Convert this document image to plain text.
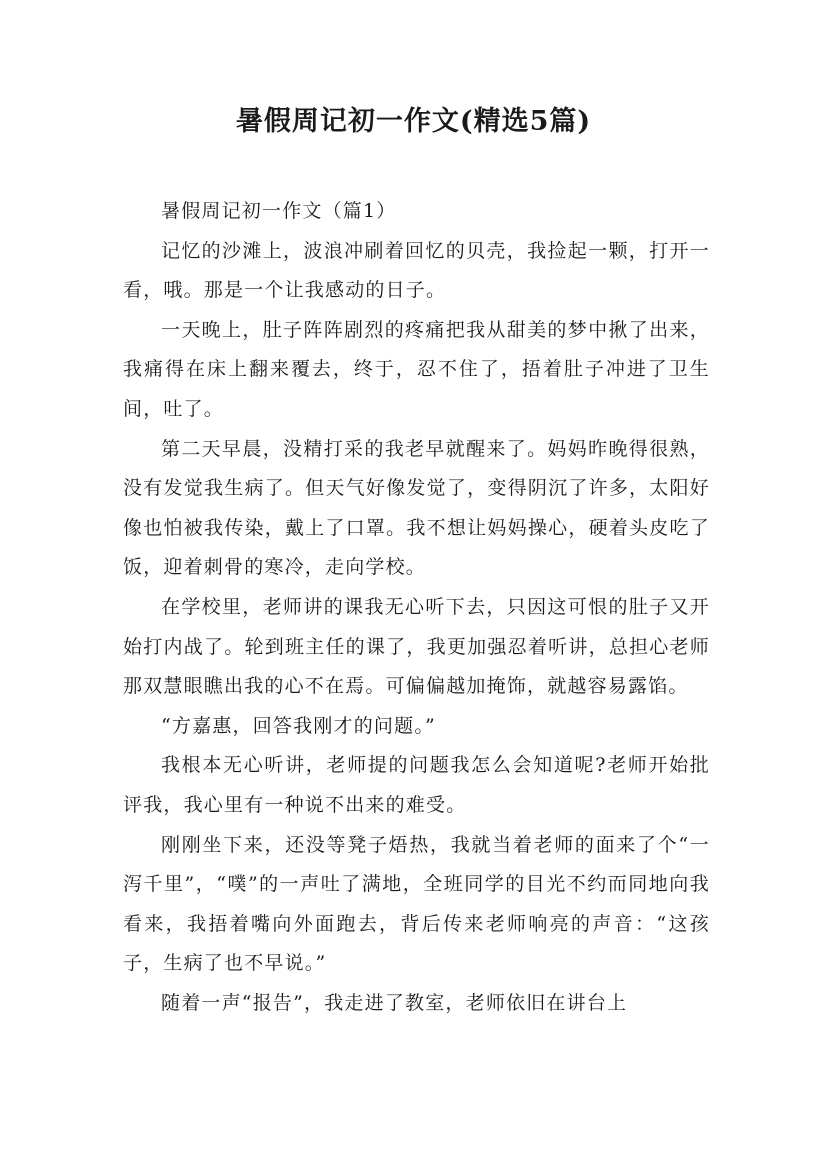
暑假周记初一作文(精选5篇)

暑假周记初一作文（篇1）

记忆的沙滩上，波浪冲刷着回忆的贝壳，我捡起一颗，打开一看，哦。那是一个让我感动的日子。

一天晚上，肚子阵阵剧烈的疼痛把我从甜美的梦中揪了出来，我痛得在床上翻来覆去，终于，忍不住了，捂着肚子冲进了卫生间，吐了。

第二天早晨，没精打采的我老早就醒来了。妈妈昨晚得很熟，没有发觉我生病了。但天气好像发觉了，变得阴沉了许多，太阳好像也怕被我传染，戴上了口罩。我不想让妈妈操心，硬着头皮吃了饭，迎着刺骨的寒冷，走向学校。

在学校里，老师讲的课我无心听下去，只因这可恨的肚子又开始打内战了。轮到班主任的课了，我更加强忍着听讲，总担心老师那双慧眼瞧出我的心不在焉。可偏偏越加掩饰，就越容易露馅。

“方嘉惠，回答我刚才的问题。”

我根本无心听讲，老师提的问题我怎么会知道呢?老师开始批评我，我心里有一种说不出来的难受。

刚刚坐下来，还没等凳子焐热，我就当着老师的面来了个“一泻千里”，“噗”的一声吐了满地，全班同学的目光不约而同地向我看来，我捂着嘴向外面跑去，背后传来老师响亮的声音：“这孩子，生病了也不早说。”

随着一声“报告”，我走进了教室，老师依旧在讲台上
